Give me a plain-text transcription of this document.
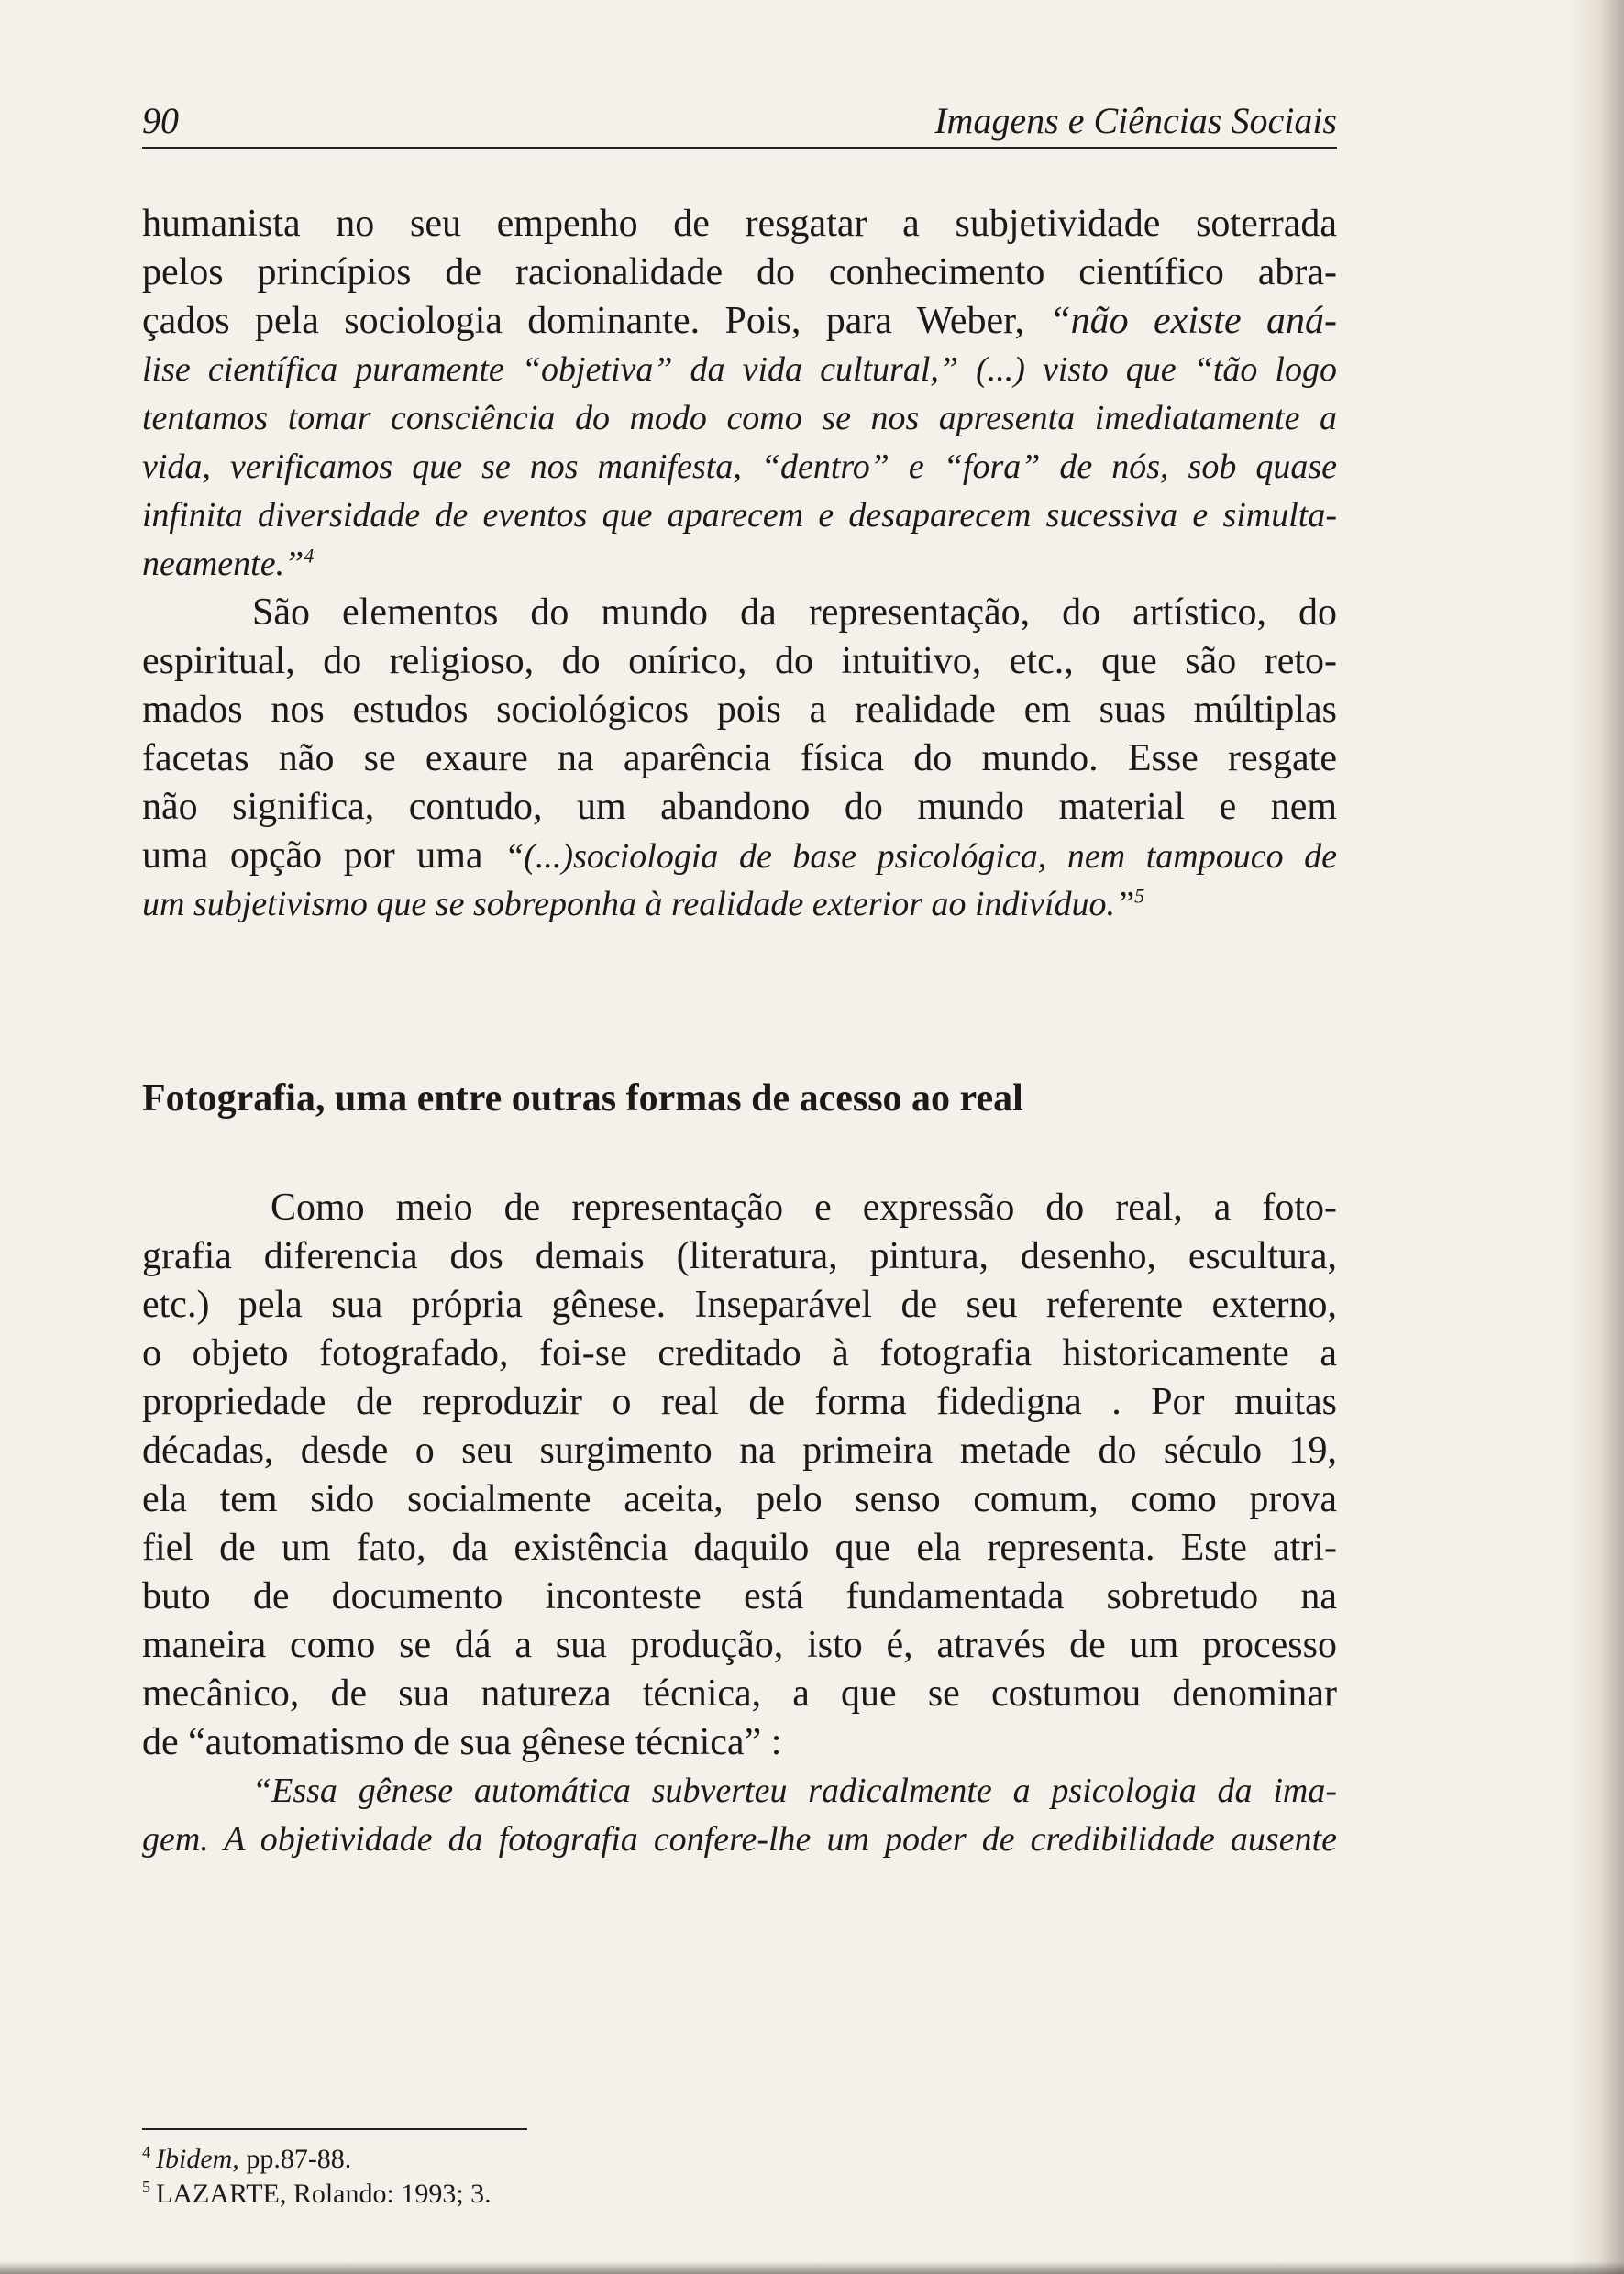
90	Imagens e Ciências Sociais
humanista no seu empenho de resgatar a subjetividade soterrada
pelos princípios de racionalidade do conhecimento científico abra-
çados pela sociologia dominante. Pois, para Weber, “não existe aná-
lise científica puramente “objetiva” da vida cultural,” (...) visto que “tão logo
tentamos tomar consciência do modo como se nos apresenta imediatamente a
vida, verificamos que se nos manifesta, “dentro” e “fora” de nós, sob quase
infinita diversidade de eventos que aparecem e desaparecem sucessiva e simulta-
neamente.”$^4$
São elementos do mundo da representação, do artístico, do
espiritual, do religioso, do onírico, do intuitivo, etc., que são reto-
mados nos estudos sociológicos pois a realidade em suas múltiplas
facetas não se exaure na aparência física do mundo. Esse resgate
não significa, contudo, um abandono do mundo material e nem
uma opção por uma “(...)sociologia de base psicológica, nem tampouco de
um subjetivismo que se sobreponha à realidade exterior ao indivíduo.”$^5$
Fotografia, uma entre outras formas de acesso ao real
Como meio de representação e expressão do real, a foto-
grafia diferencia dos demais (literatura, pintura, desenho, escultura,
etc.) pela sua própria gênese. Inseparável de seu referente externo,
o objeto fotografado, foi-se creditado à fotografia historicamente a
propriedade de reproduzir o real de forma fidedigna . Por muitas
décadas, desde o seu surgimento na primeira metade do século 19,
ela tem sido socialmente aceita, pelo senso comum, como prova
fiel de um fato, da existência daquilo que ela representa. Este atri-
buto de documento inconteste está fundamentada sobretudo na
maneira como se dá a sua produção, isto é, através de um processo
mecânico, de sua natureza técnica, a que se costumou denominar
de “automatismo de sua gênese técnica” :
“Essa gênese automática subverteu radicalmente a psicologia da ima-
gem. A objetividade da fotografia confere-lhe um poder de credibilidade ausente
$^4$ Ibidem, pp.87-88.
$^5$ LAZARTE, Rolando: 1993; 3.
